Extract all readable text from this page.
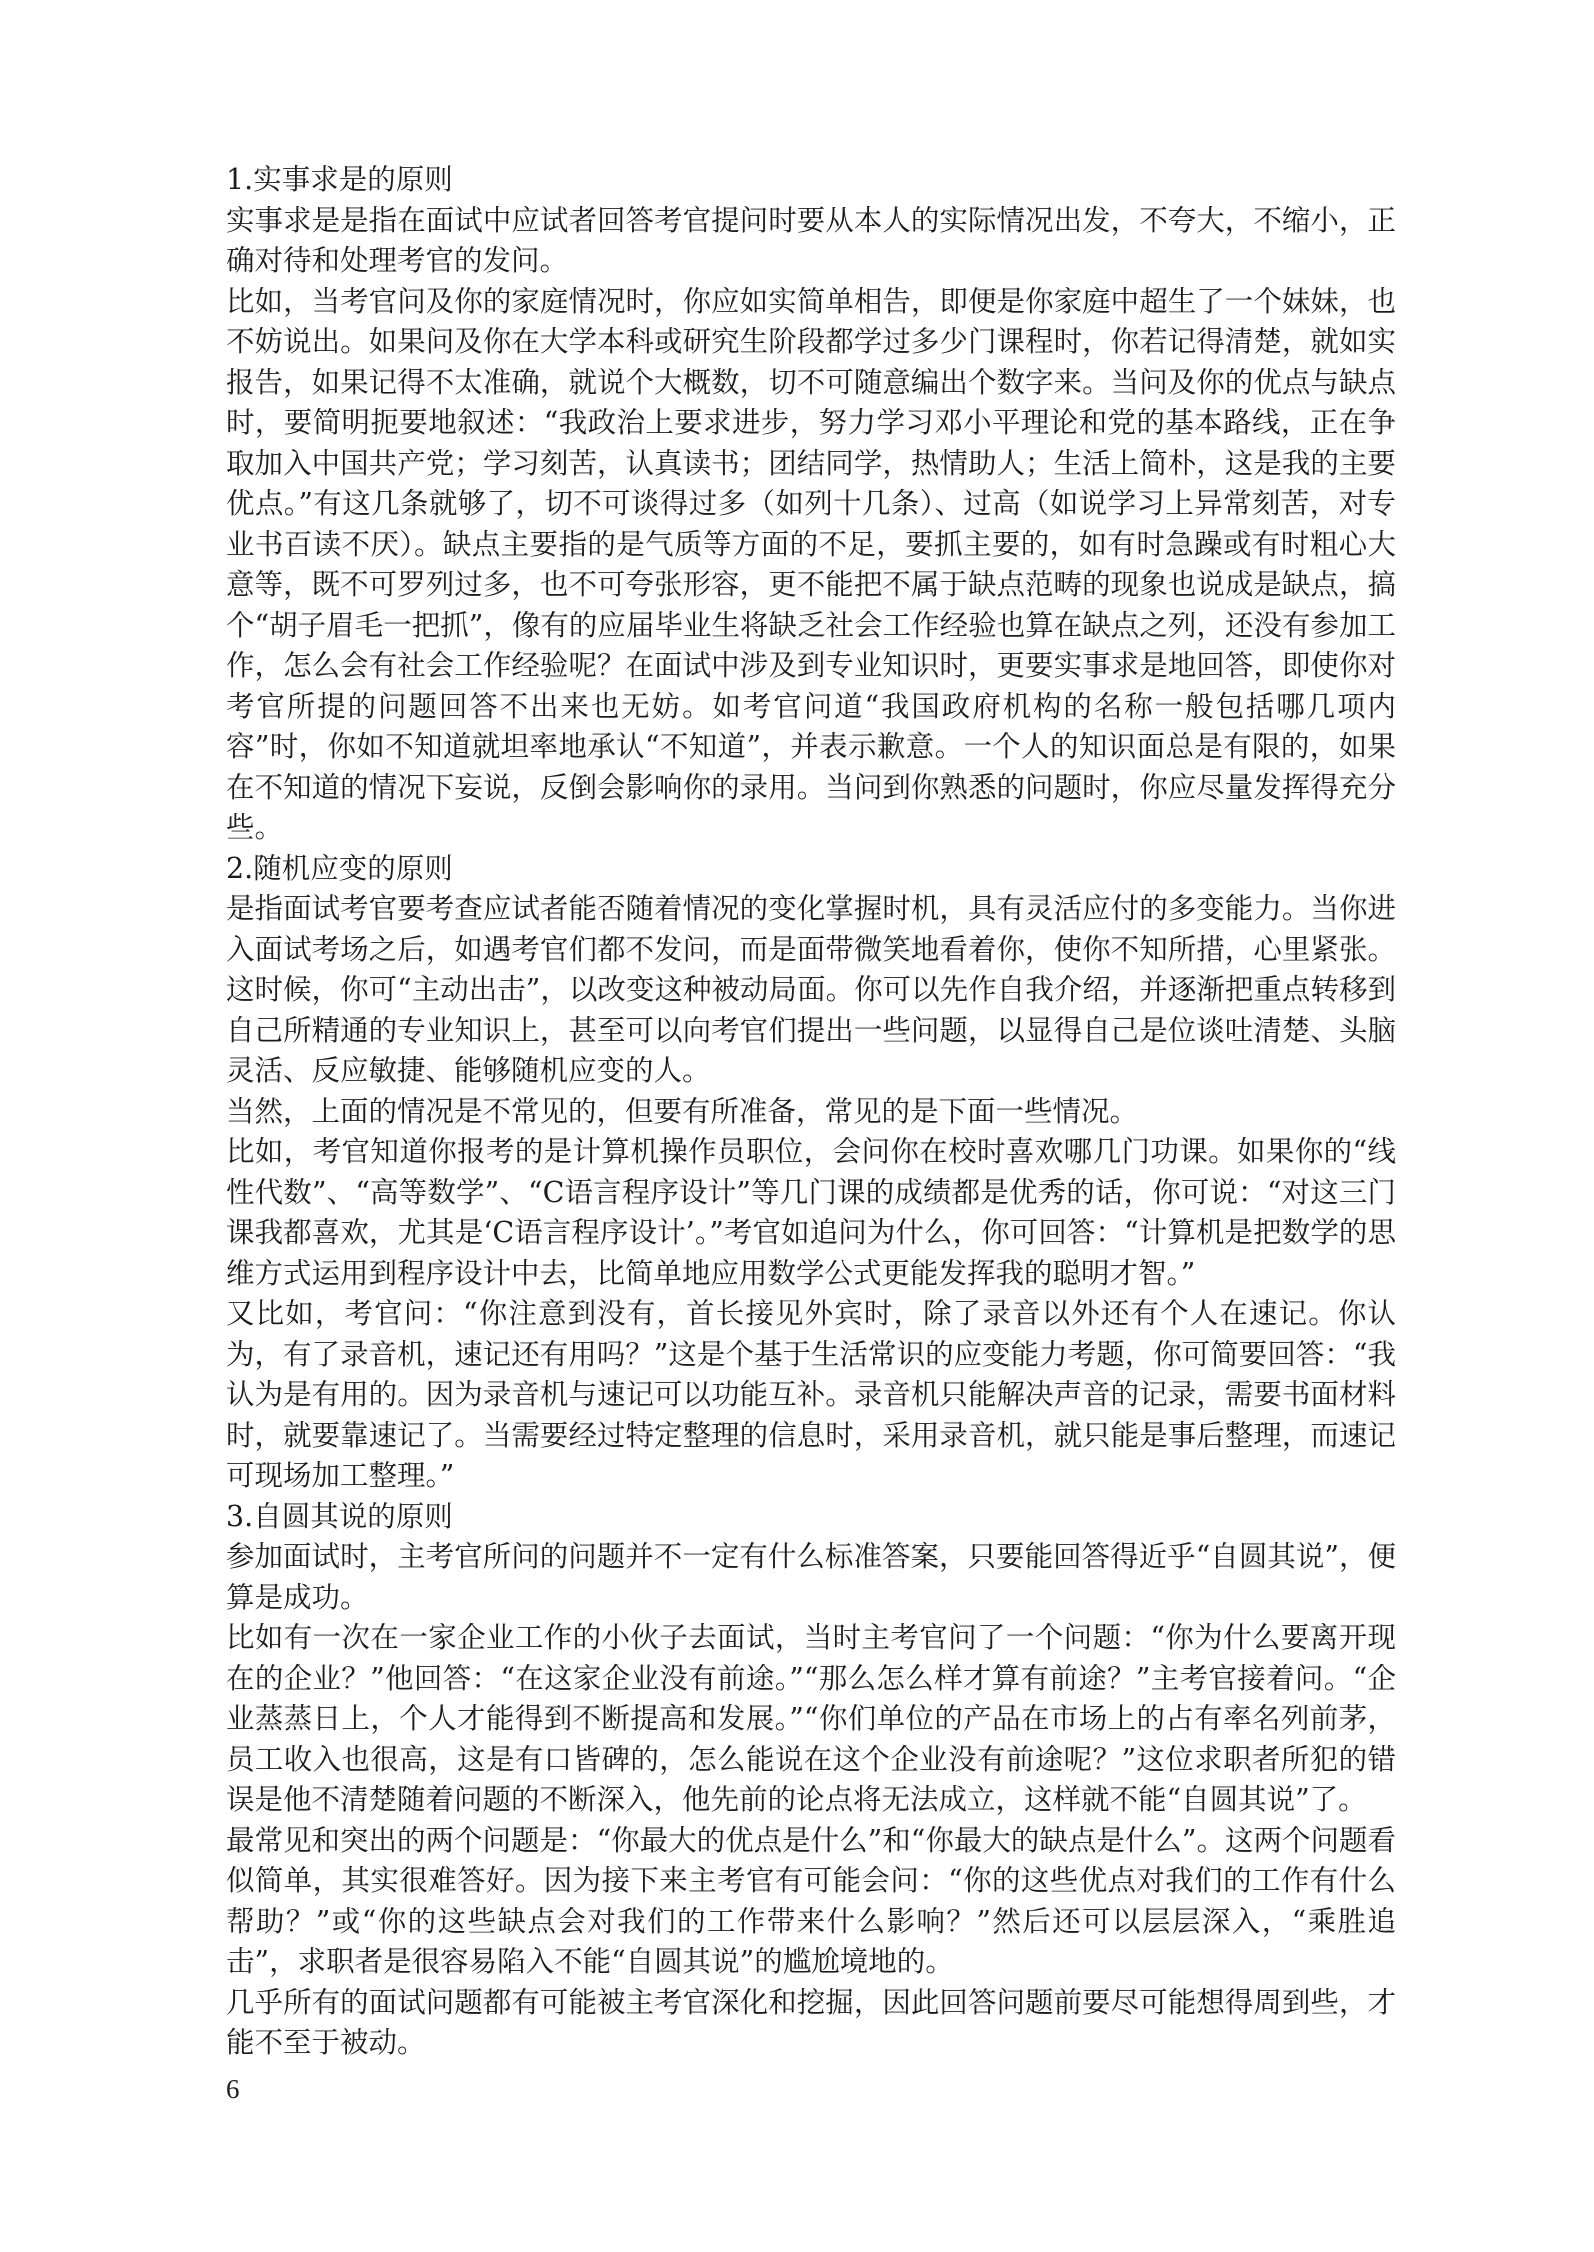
1.实事求是的原则

实事求是是指在面试中应试者回答考官提问时要从本人的实际情况出发，不夸大，不缩小，正确对待和处理考官的发问。

比如，当考官问及你的家庭情况时，你应如实简单相告，即便是你家庭中超生了一个妹妹，也不妨说出。如果问及你在大学本科或研究生阶段都学过多少门课程时，你若记得清楚，就如实报告，如果记得不太准确，就说个大概数，切不可随意编出个数字来。当问及你的优点与缺点时，要简明扼要地叙述：“我政治上要求进步，努力学习邓小平理论和党的基本路线，正在争取加入中国共产党；学习刻苦，认真读书；团结同学，热情助人；生活上简朴，这是我的主要优点。”有这几条就够了，切不可谈得过多（如列十几条）、过高（如说学习上异常刻苦，对专业书百读不厌）。缺点主要指的是气质等方面的不足，要抓主要的，如有时急躁或有时粗心大意等，既不可罗列过多，也不可夸张形容，更不能把不属于缺点范畴的现象也说成是缺点，搞个“胡子眉毛一把抓”，像有的应届毕业生将缺乏社会工作经验也算在缺点之列，还没有参加工作，怎么会有社会工作经验呢？在面试中涉及到专业知识时，更要实事求是地回答，即使你对考官所提的问题回答不出来也无妨。如考官问道“我国政府机构的名称一般包括哪几项内容”时，你如不知道就坦率地承认“不知道”，并表示歉意。一个人的知识面总是有限的，如果在不知道的情况下妄说，反倒会影响你的录用。当问到你熟悉的问题时，你应尽量发挥得充分些。

2.随机应变的原则

是指面试考官要考查应试者能否随着情况的变化掌握时机，具有灵活应付的多变能力。当你进入面试考场之后，如遇考官们都不发问，而是面带微笑地看着你，使你不知所措，心里紧张。这时候，你可“主动出击”，以改变这种被动局面。你可以先作自我介绍，并逐渐把重点转移到自己所精通的专业知识上，甚至可以向考官们提出一些问题，以显得自己是位谈吐清楚、头脑灵活、反应敏捷、能够随机应变的人。

当然，上面的情况是不常见的，但要有所准备，常见的是下面一些情况。

比如，考官知道你报考的是计算机操作员职位，会问你在校时喜欢哪几门功课。如果你的“线性代数”、“高等数学”、“C语言程序设计”等几门课的成绩都是优秀的话，你可说：“对这三门课我都喜欢，尤其是‘C语言程序设计’。”考官如追问为什么，你可回答：“计算机是把数学的思维方式运用到程序设计中去，比简单地应用数学公式更能发挥我的聪明才智。”

又比如，考官问：“你注意到没有，首长接见外宾时，除了录音以外还有个人在速记。你认为，有了录音机，速记还有用吗？”这是个基于生活常识的应变能力考题，你可简要回答：“我认为是有用的。因为录音机与速记可以功能互补。录音机只能解决声音的记录，需要书面材料时，就要靠速记了。当需要经过特定整理的信息时，采用录音机，就只能是事后整理，而速记可现场加工整理。”

3.自圆其说的原则

参加面试时，主考官所问的问题并不一定有什么标准答案，只要能回答得近乎“自圆其说”，便算是成功。

比如有一次在一家企业工作的小伙子去面试，当时主考官问了一个问题：“你为什么要离开现在的企业？”他回答：“在这家企业没有前途。”“那么怎么样才算有前途？”主考官接着问。“企业蒸蒸日上，个人才能得到不断提高和发展。”“你们单位的产品在市场上的占有率名列前茅，员工收入也很高，这是有口皆碑的，怎么能说在这个企业没有前途呢？”这位求职者所犯的错误是他不清楚随着问题的不断深入，他先前的论点将无法成立，这样就不能“自圆其说”了。

最常见和突出的两个问题是：“你最大的优点是什么”和“你最大的缺点是什么”。这两个问题看似简单，其实很难答好。因为接下来主考官有可能会问：“你的这些优点对我们的工作有什么帮助？”或“你的这些缺点会对我们的工作带来什么影响？”然后还可以层层深入，“乘胜追击”，求职者是很容易陷入不能“自圆其说”的尴尬境地的。

几乎所有的面试问题都有可能被主考官深化和挖掘，因此回答问题前要尽可能想得周到些，才能不至于被动。

6
